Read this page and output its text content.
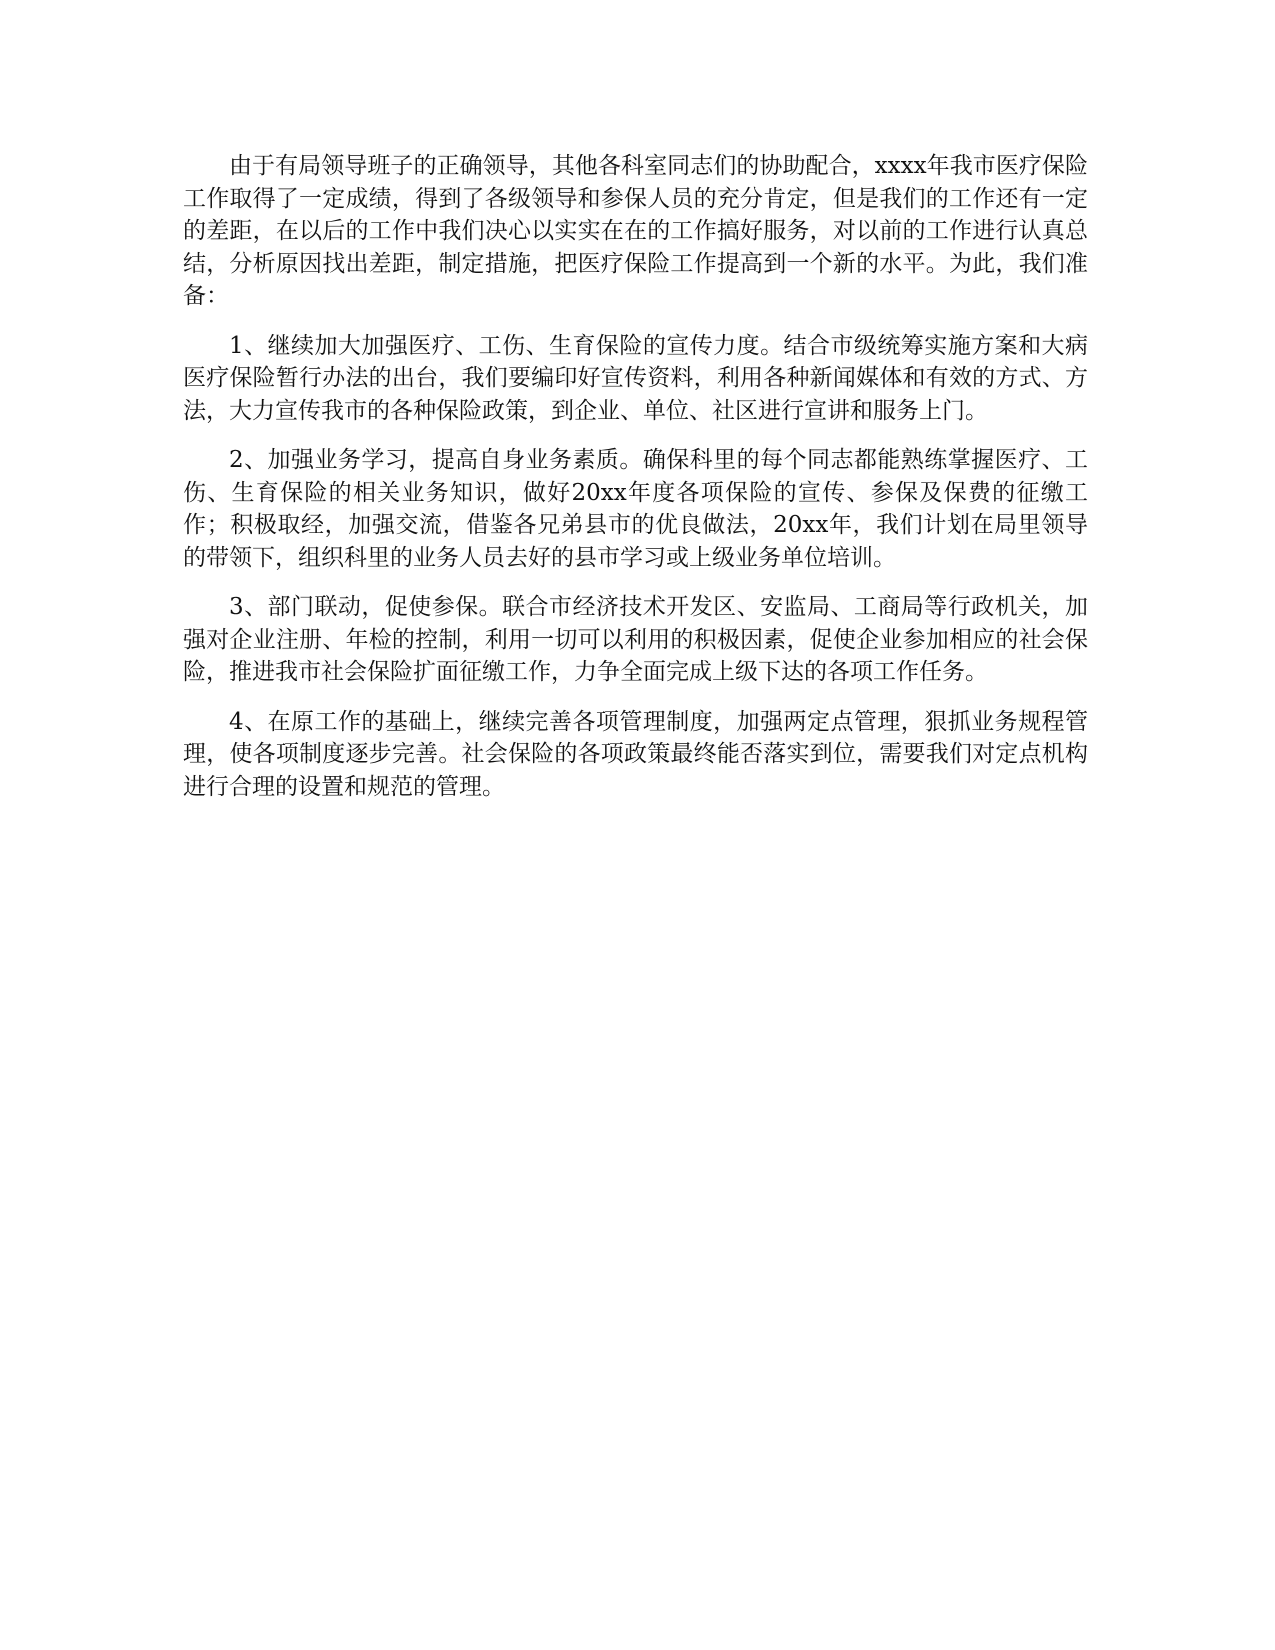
由于有局领导班子的正确领导，其他各科室同志们的协助配合，xxxx年我市医疗保险工作取得了一定成绩，得到了各级领导和参保人员的充分肯定，但是我们的工作还有一定的差距，在以后的工作中我们决心以实实在在的工作搞好服务，对以前的工作进行认真总结，分析原因找出差距，制定措施，把医疗保险工作提高到一个新的水平。为此，我们准备：

1、继续加大加强医疗、工伤、生育保险的宣传力度。结合市级统筹实施方案和大病医疗保险暂行办法的出台，我们要编印好宣传资料，利用各种新闻媒体和有效的方式、方法，大力宣传我市的各种保险政策，到企业、单位、社区进行宣讲和服务上门。

2、加强业务学习，提高自身业务素质。确保科里的每个同志都能熟练掌握医疗、工伤、生育保险的相关业务知识，做好20xx年度各项保险的宣传、参保及保费的征缴工作；积极取经，加强交流，借鉴各兄弟县市的优良做法，20xx年，我们计划在局里领导的带领下，组织科里的业务人员去好的县市学习或上级业务单位培训。

3、部门联动，促使参保。联合市经济技术开发区、安监局、工商局等行政机关，加强对企业注册、年检的控制，利用一切可以利用的积极因素，促使企业参加相应的社会保险，推进我市社会保险扩面征缴工作，力争全面完成上级下达的各项工作任务。

4、在原工作的基础上，继续完善各项管理制度，加强两定点管理，狠抓业务规程管理，使各项制度逐步完善。社会保险的各项政策最终能否落实到位，需要我们对定点机构进行合理的设置和规范的管理。
